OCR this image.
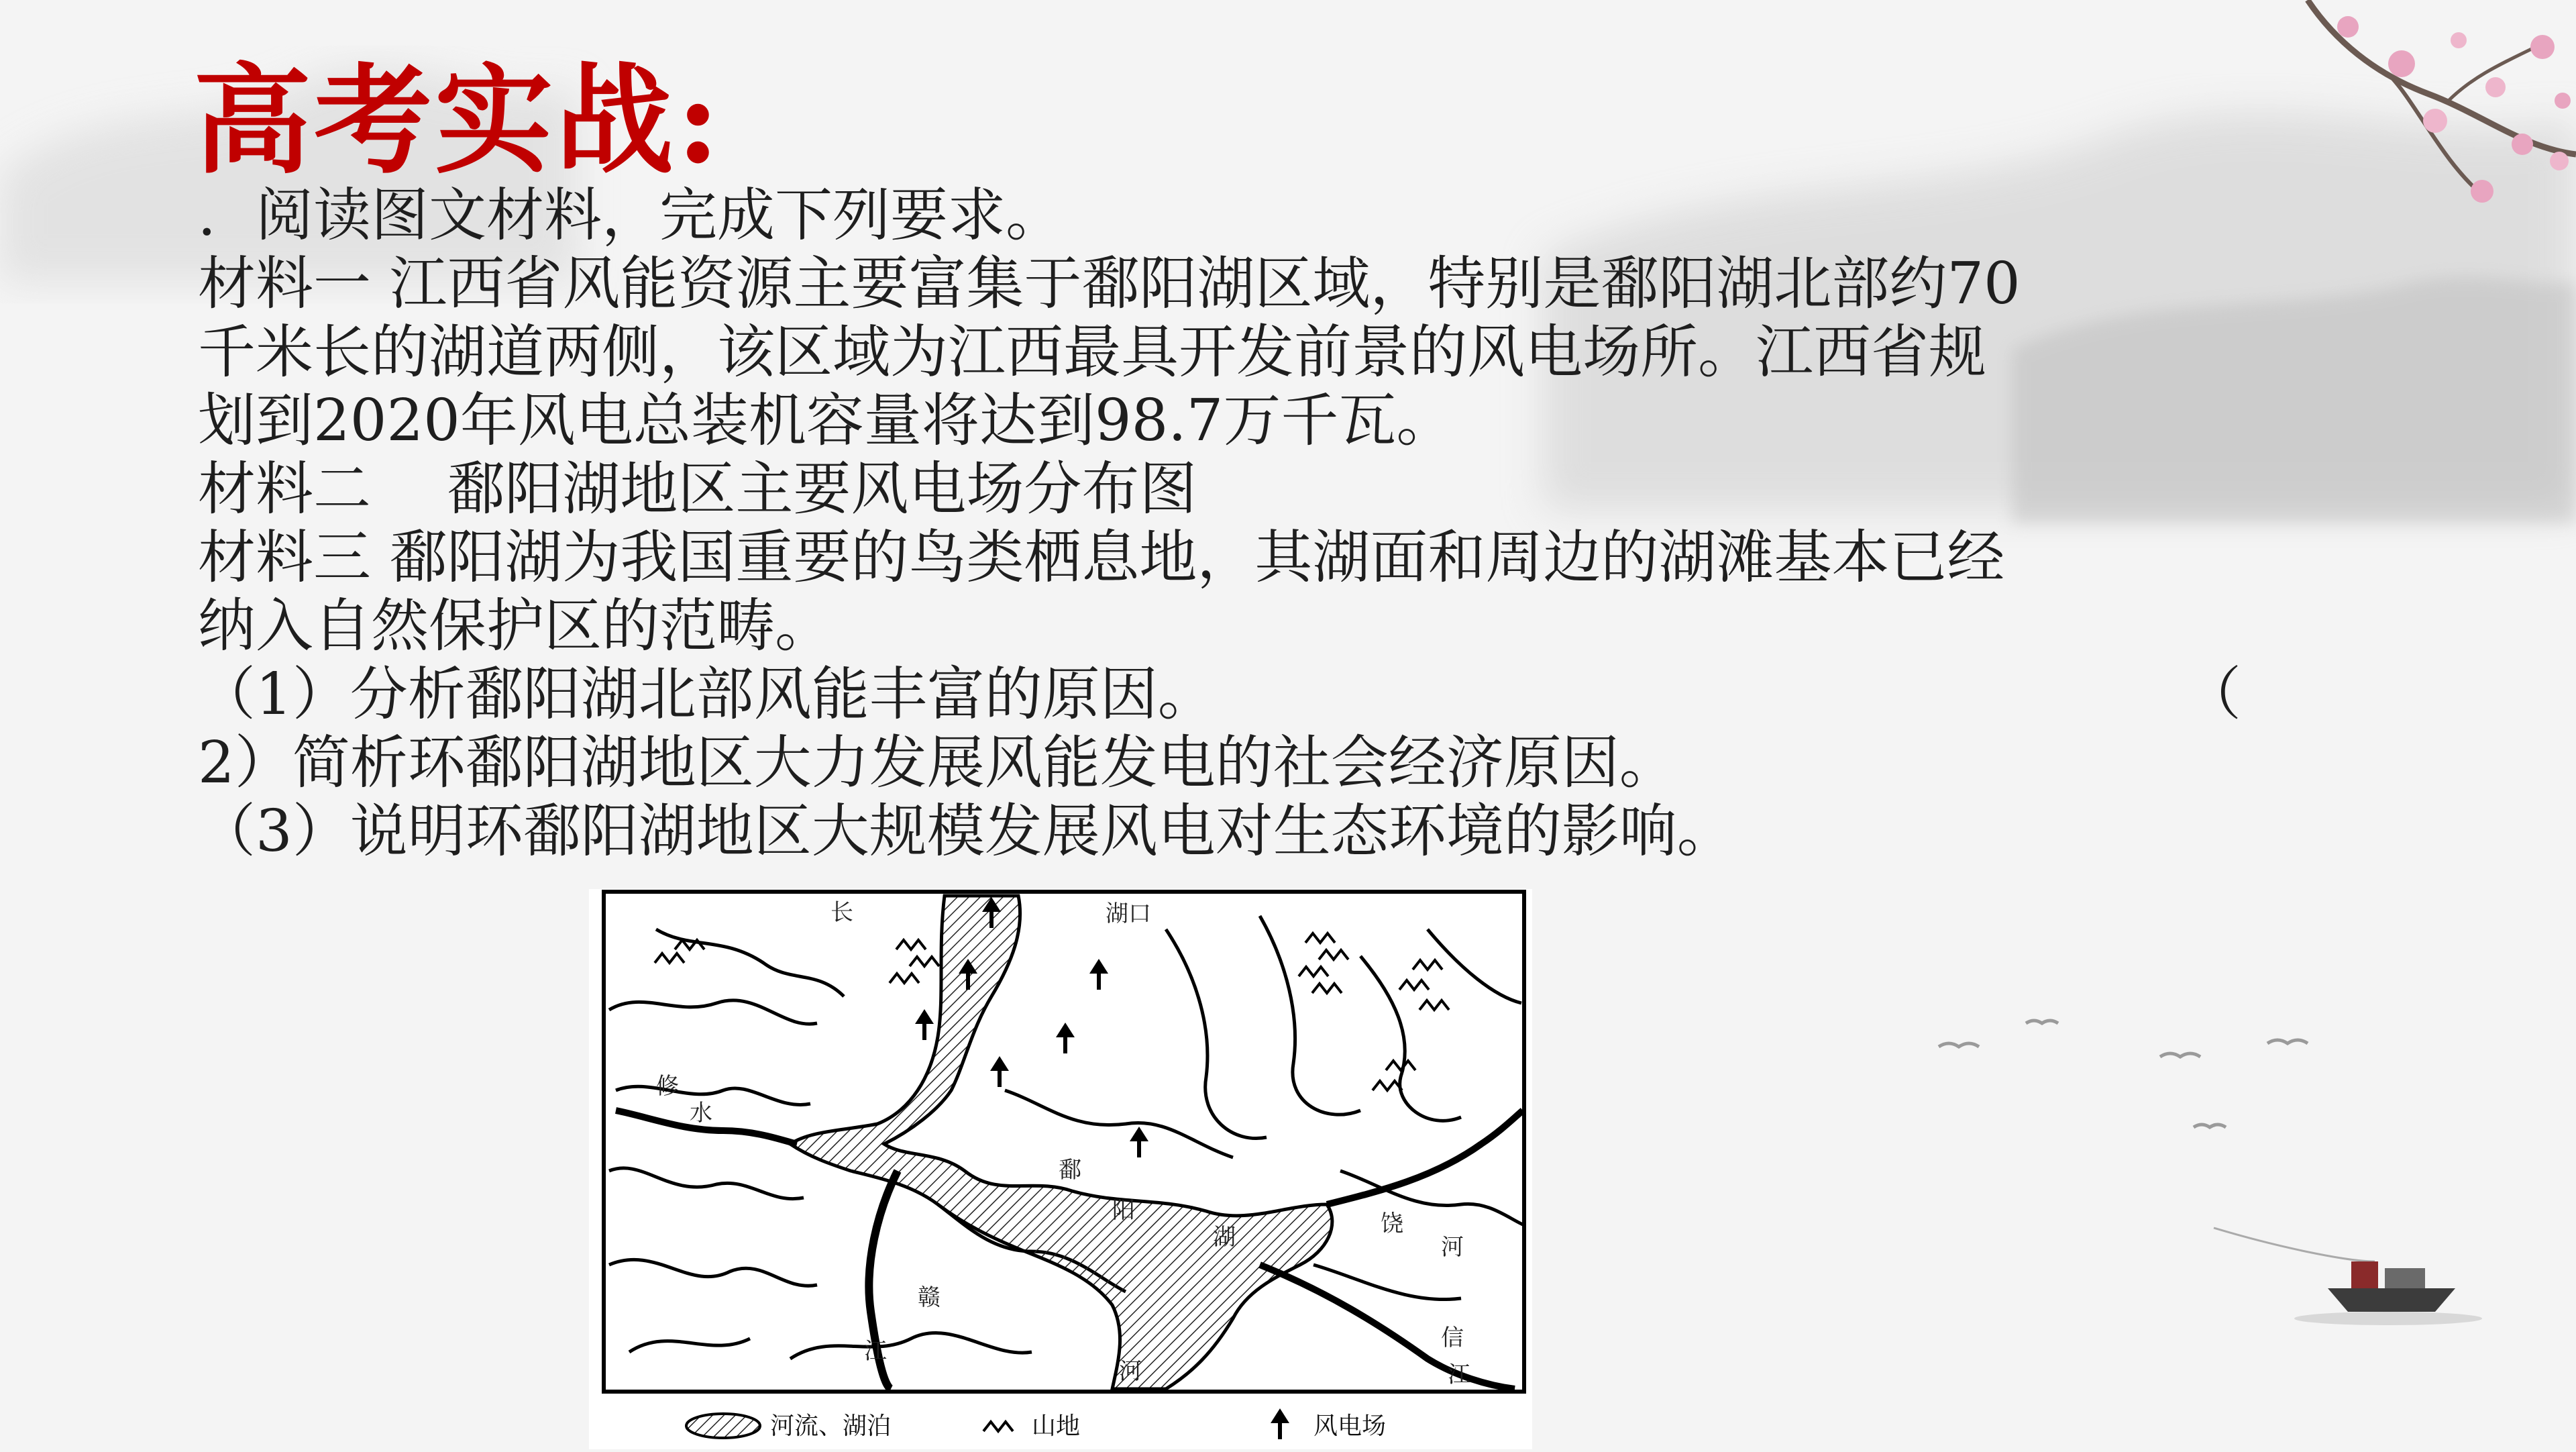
高考实战:

．阅读图文材料，完成下列要求。

材料一 江西省风能资源主要富集于鄱阳湖区域，特别是鄱阳湖北部约70

千米长的湖道两侧，该区域为江西最具开发前景的风电场所。江西省规

划到2020年风电总装机容量将达到98.7万千瓦。

材料二　 鄱阳湖地区主要风电场分布图

材料三 鄱阳湖为我国重要的鸟类栖息地，其湖面和周边的湖滩基本已经

纳入自然保护区的范畴。

（1）分析鄱阳湖北部风能丰富的原因。	（

2）简析环鄱阳湖地区大力发展风能发电的社会经济原因。

（3）说明环鄱阳湖地区大规模发展风电对生态环境的影响。

长	湖口
修
水
鄱
阳
湖
赣
江
河
饶
河
信
江
河流、湖泊	山地	风电场
